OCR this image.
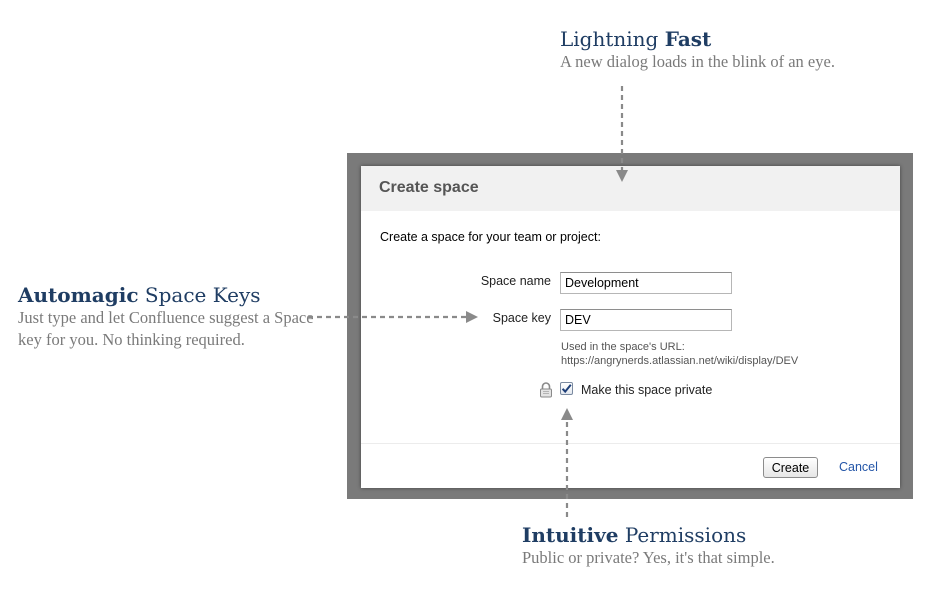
Lightning Fast
A new dialog loads in the blink of an eye.
Automagic Space Keys
Just type and let Confluence suggest a Space key for you. No thinking required.
Intuitive Permissions
Public or private? Yes, it's that simple.
Create space
Create a space for your team or project:
Space name
Development
Space key
DEV
Used in the space's URL:
https://angrynerds.atlassian.net/wiki/display/DEV
Make this space private
Create	Cancel
